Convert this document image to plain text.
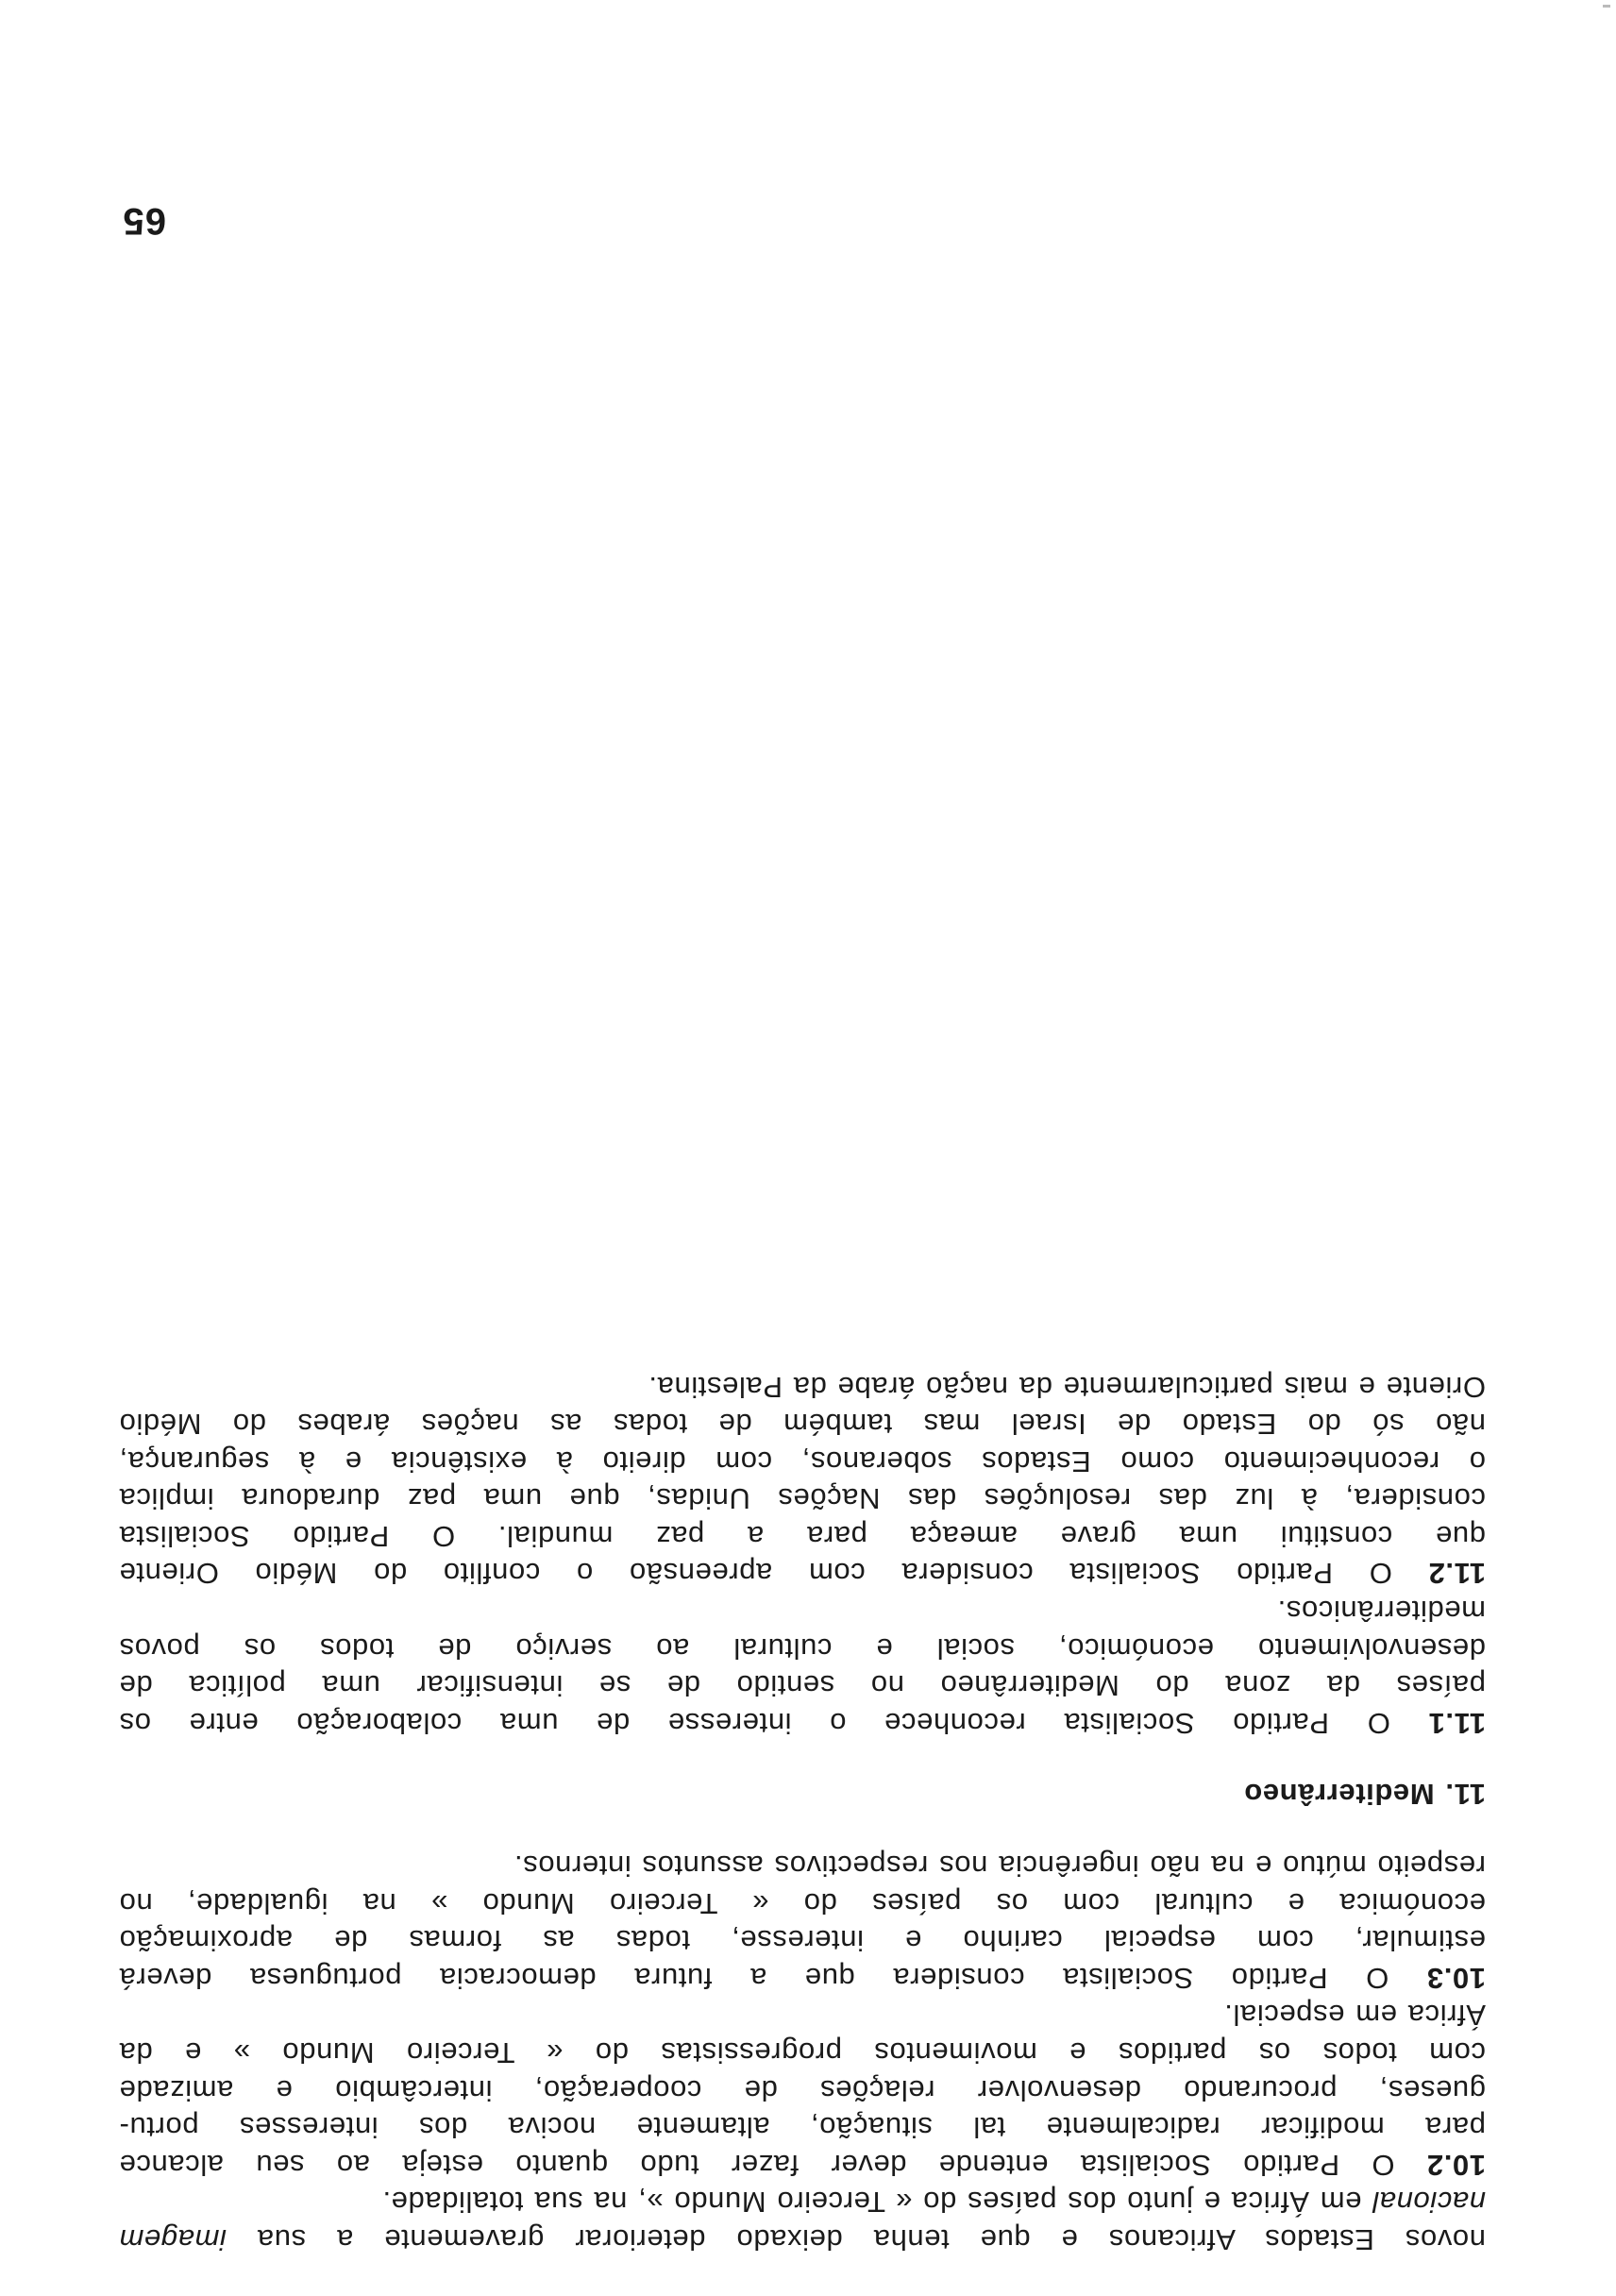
novos Estados Africanos e que tenha deixado deteriorar gravemente a sua imagem
nacional em África e junto dos países do « Terceiro Mundo », na sua totalidade.

10.2 O Partido Socialista entende dever fazer tudo quanto esteja ao seu alcance
para modificar radicalmente tal situação, altamente nociva dos interesses portu-
gueses, procurando desenvolver relações de cooperação, intercâmbio e amizade
com todos os partidos e movimentos progressistas do « Terceiro Mundo » e da
África em especial.

10.3 O Partido Socialista considera que a futura democracia portuguesa deverá
estimular, com especial carinho e interesse, todas as formas de aproximação
económica e cultural com os países do « Terceiro Mundo » na igualdade, no
respeito mútuo e na não ingerência nos respectivos assuntos internos.

11. Mediterrâneo

11.1 O Partido Socialista reconhece o interesse de uma colaboração entre os
países da zona do Mediterrâneo no sentido de se intensificar uma política de
desenvolvimento económico, social e cultural ao serviço de todos os povos
mediterrânicos.

11.2 O Partido Socialista considera com apreensão o conflito do Médio Oriente
que constitui uma grave ameaça para a paz mundial. O Partido Socialista
considera, à luz das resoluções das Nações Unidas, que uma paz duradoura implica
o reconhecimento como Estados soberanos, com direito à existência e à segurança,
não só do Estado de Israel mas também de todas as nações árabes do Médio
Oriente e mais particularmente da nação árabe da Palestina.

65
